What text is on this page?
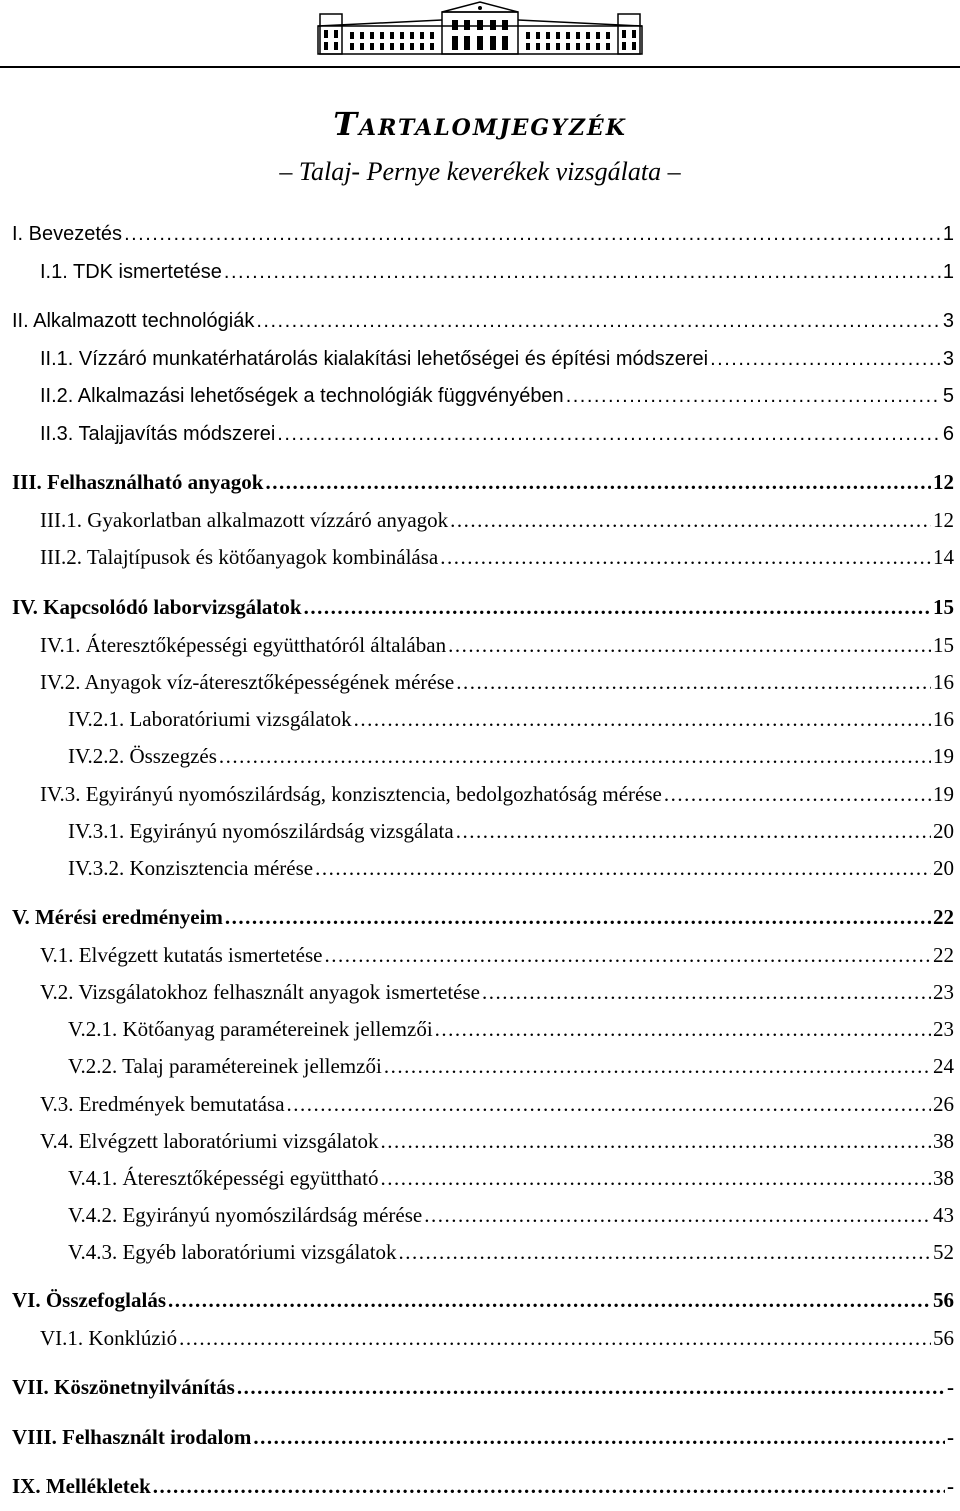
Tartalomjegyzék
– Talaj- Pernye keverékek vizsgálata –
I. Bevezetés .....	1
I.1. TDK ismertetése .....	1
II. Alkalmazott technológiák .....	3
II.1. Vízzáró munkatérhatárolás kialakítási lehetőségei és építési módszerei .....	3
II.2. Alkalmazási lehetőségek a technológiák függvényében .....	5
II.3. Talajjavítás módszerei .....	6
III. Felhasználható anyagok .....	12
III.1. Gyakorlatban alkalmazott vízzáró anyagok .....	12
III.2. Talajtípusok és kötőanyagok kombinálása .....	14
IV. Kapcsolódó laborvizsgálatok .....	15
IV.1. Áteresztőképességi együtthatóról általában .....	15
IV.2. Anyagok víz-áteresztőképességének mérése .....	16
IV.2.1. Laboratóriumi vizsgálatok .....	16
IV.2.2. Összegzés .....	19
IV.3. Egyirányú nyomószilárdság, konzisztencia, bedolgozhatóság mérése .....	19
IV.3.1. Egyirányú nyomószilárdság vizsgálata .....	20
IV.3.2. Konzisztencia mérése .....	20
V. Mérési eredményeim .....	22
V.1. Elvégzett kutatás ismertetése .....	22
V.2. Vizsgálatokhoz felhasznált anyagok ismertetése .....	23
V.2.1. Kötőanyag paramétereinek jellemzői .....	23
V.2.2. Talaj paramétereinek jellemzői .....	24
V.3. Eredmények bemutatása .....	26
V.4. Elvégzett laboratóriumi vizsgálatok .....	38
V.4.1. Áteresztőképességi együttható .....	38
V.4.2. Egyirányú nyomószilárdság mérése .....	43
V.4.3. Egyéb laboratóriumi vizsgálatok .....	52
VI. Összefoglalás .....	56
VI.1. Konklúzió .....	56
VII. Köszönetnyilvánítás .....	-
VIII. Felhasznált irodalom .....	-
IX. Mellékletek .....	-
